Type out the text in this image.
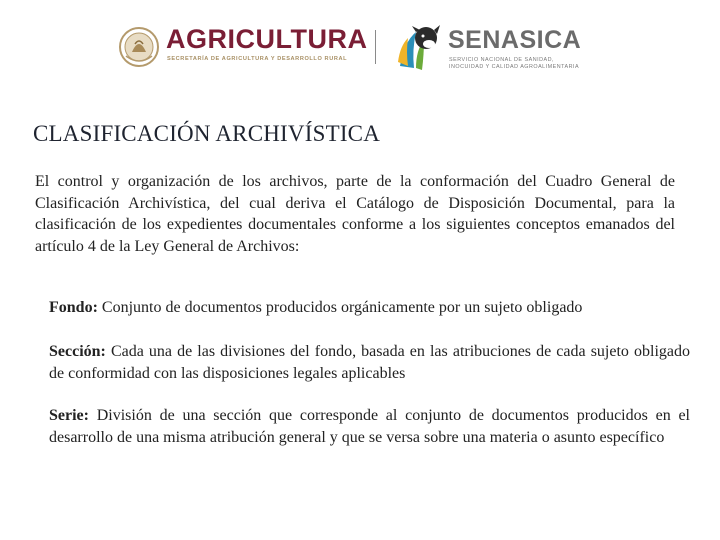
AGRICULTURA
SECRETARÍA DE AGRICULTURA Y DESARROLLO RURAL
SENASICA
SERVICIO NACIONAL DE SANIDAD,
INOCUIDAD Y CALIDAD AGROALIMENTARIA
CLASIFICACIÓN ARCHIVÍSTICA

El control y organización de los archivos, parte de la conformación del Cuadro General de Clasificación Archivística, del cual deriva el Catálogo de Disposición Documental, para la clasificación de los expedientes documentales conforme a los siguientes conceptos emanados del artículo 4 de la Ley General de Archivos:

Fondo: Conjunto de documentos producidos orgánicamente por un sujeto obligado

Sección: Cada una de las divisiones del fondo, basada en las atribuciones de cada sujeto obligado de conformidad con las disposiciones legales aplicables

Serie: División de una sección que corresponde al conjunto de documentos producidos en el desarrollo de una misma atribución general y que se versa sobre una materia o asunto específico
